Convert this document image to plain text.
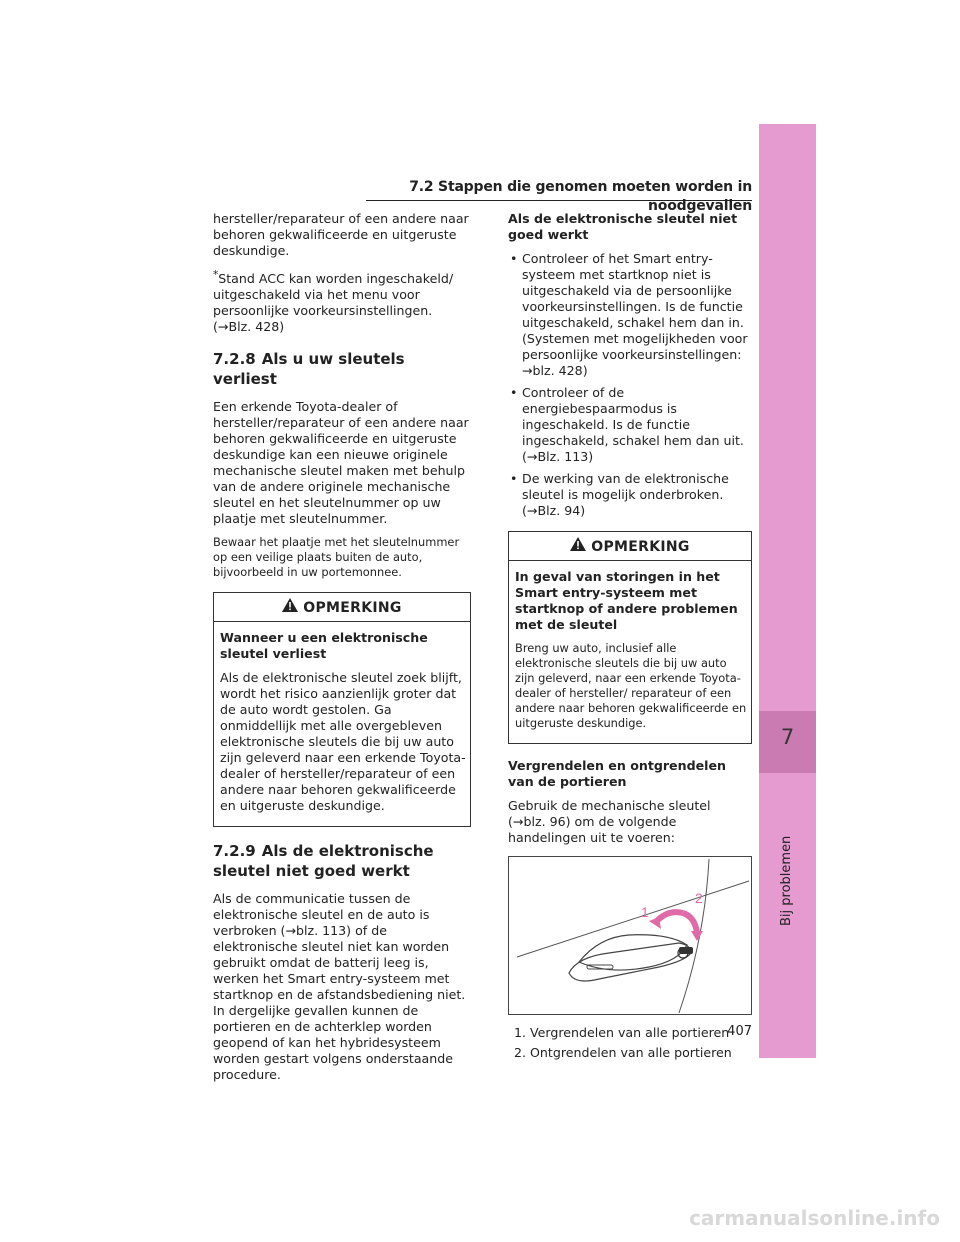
7.2 Stappen die genomen moeten worden in noodgevallen

hersteller/reparateur of een andere naar behoren gekwalificeerde en uitgeruste deskundige.

*Stand ACC kan worden ingeschakeld/ uitgeschakeld via het menu voor persoonlijke voorkeursinstellingen. (→Blz. 428)

7.2.8 Als u uw sleutels verliest

Een erkende Toyota-dealer of hersteller/reparateur of een andere naar behoren gekwalificeerde en uitgeruste deskundige kan een nieuwe originele mechanische sleutel maken met behulp van de andere originele mechanische sleutel en het sleutelnummer op uw plaatje met sleutelnummer.

Bewaar het plaatje met het sleutelnummer op een veilige plaats buiten de auto, bijvoorbeeld in uw portemonnee.

OPMERKING
Wanneer u een elektronische sleutel verliest

Als de elektronische sleutel zoek blijft, wordt het risico aanzienlijk groter dat de auto wordt gestolen. Ga onmiddellijk met alle overgebleven elektronische sleutels die bij uw auto zijn geleverd naar een erkende Toyota-dealer of hersteller/reparateur of een andere naar behoren gekwalificeerde en uitgeruste deskundige.

7.2.9 Als de elektronische sleutel niet goed werkt

Als de communicatie tussen de elektronische sleutel en de auto is verbroken (→blz. 113) of de elektronische sleutel niet kan worden gebruikt omdat de batterij leeg is, werken het Smart entry-systeem met startknop en de afstandsbediening niet. In dergelijke gevallen kunnen de portieren en de achterklep worden geopend of kan het hybridesysteem worden gestart volgens onderstaande procedure.

Als de elektronische sleutel niet goed werkt
• Controleer of het Smart entry-systeem met startknop niet is uitgeschakeld via de persoonlijke voorkeursinstellingen. Is de functie uitgeschakeld, schakel hem dan in. (Systemen met mogelijkheden voor persoonlijke voorkeursinstellingen: →blz. 428)
• Controleer of de energiebespaarmodus is ingeschakeld. Is de functie ingeschakeld, schakel hem dan uit. (→Blz. 113)
• De werking van de elektronische sleutel is mogelijk onderbroken. (→Blz. 94)
OPMERKING
In geval van storingen in het Smart entry-systeem met startknop of andere problemen met de sleutel

Breng uw auto, inclusief alle elektronische sleutels die bij uw auto zijn geleverd, naar een erkende Toyota-dealer of hersteller/ reparateur of een andere naar behoren gekwalificeerde en uitgeruste deskundige.

Vergrendelen en ontgrendelen van de portieren

Gebruik de mechanische sleutel (→blz. 96) om de volgende handelingen uit te voeren:

1
2
1. Vergrendelen van alle portieren
2. Ontgrendelen van alle portieren
407
7
Bij problemen
carmanualsonline.info
